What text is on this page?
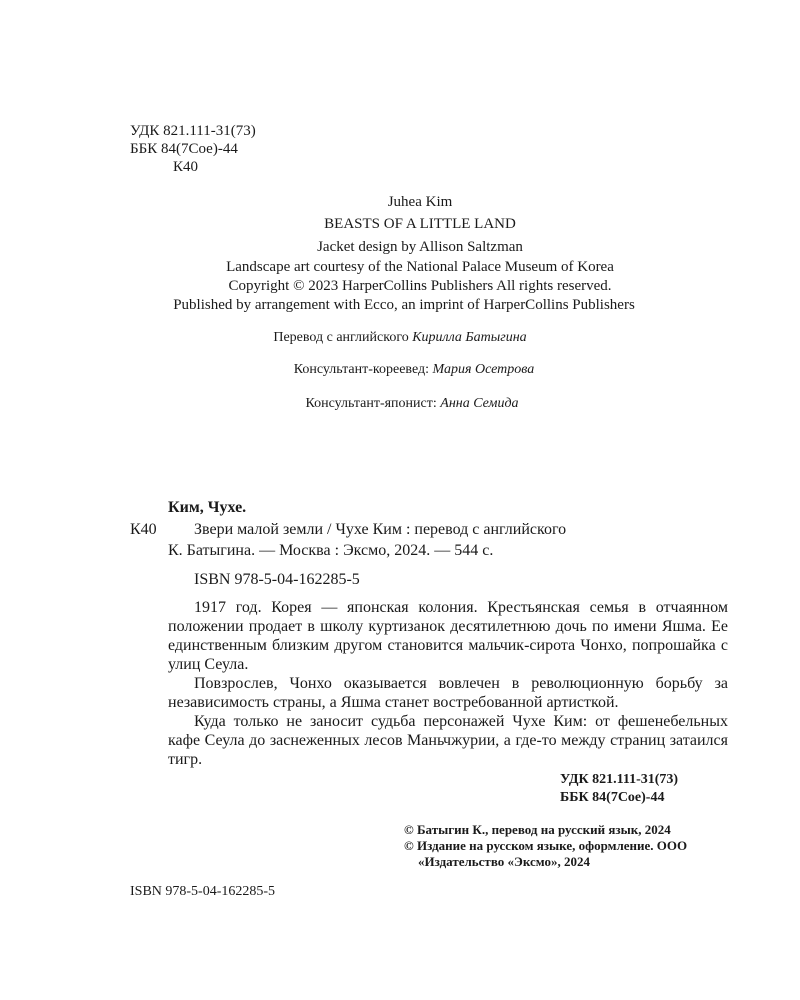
УДК 821.111-31(73)
ББК 84(7Сое)-44
К40
Juhea Kim
BEASTS OF A LITTLE LAND
Jacket design by Allison Saltzman
Landscape art courtesy of the National Palace Museum of Korea
Copyright © 2023 HarperCollins Publishers All rights reserved.
Published by arrangement with Ecco, an imprint of HarperCollins Publishers
Перевод с английского Кирилла Батыгина
Консультант-кореевед: Мария Осетрова
Консультант-японист: Анна Семида
Ким, Чухе.
К40 Звери малой земли / Чухе Ким : перевод с английского
К. Батыгина. — Москва : Эксмо, 2024. — 544 с.
ISBN 978-5-04-162285-5

1917 год. Корея — японская колония. Крестьянская семья в отчаянном положении продает в школу куртизанок десятилетнюю дочь по имени Яшма. Ее единственным близким другом становится мальчик-сирота Чонхо, попрошайка с улиц Сеула.

Повзрослев, Чонхо оказывается вовлечен в революционную борьбу за независимость страны, а Яшма станет востребованной артисткой.

Куда только не заносит судьба персонажей Чухе Ким: от фешенебельных кафе Сеула до заснеженных лесов Маньчжурии, а где-то между страниц затаился тигр.

УДК 821.111-31(73)
ББК 84(7Сое)-44

© Батыгин К., перевод на русский язык, 2024

© Издание на русском языке, оформление. ООО «Издательство «Эксмо», 2024

ISBN 978-5-04-162285-5
